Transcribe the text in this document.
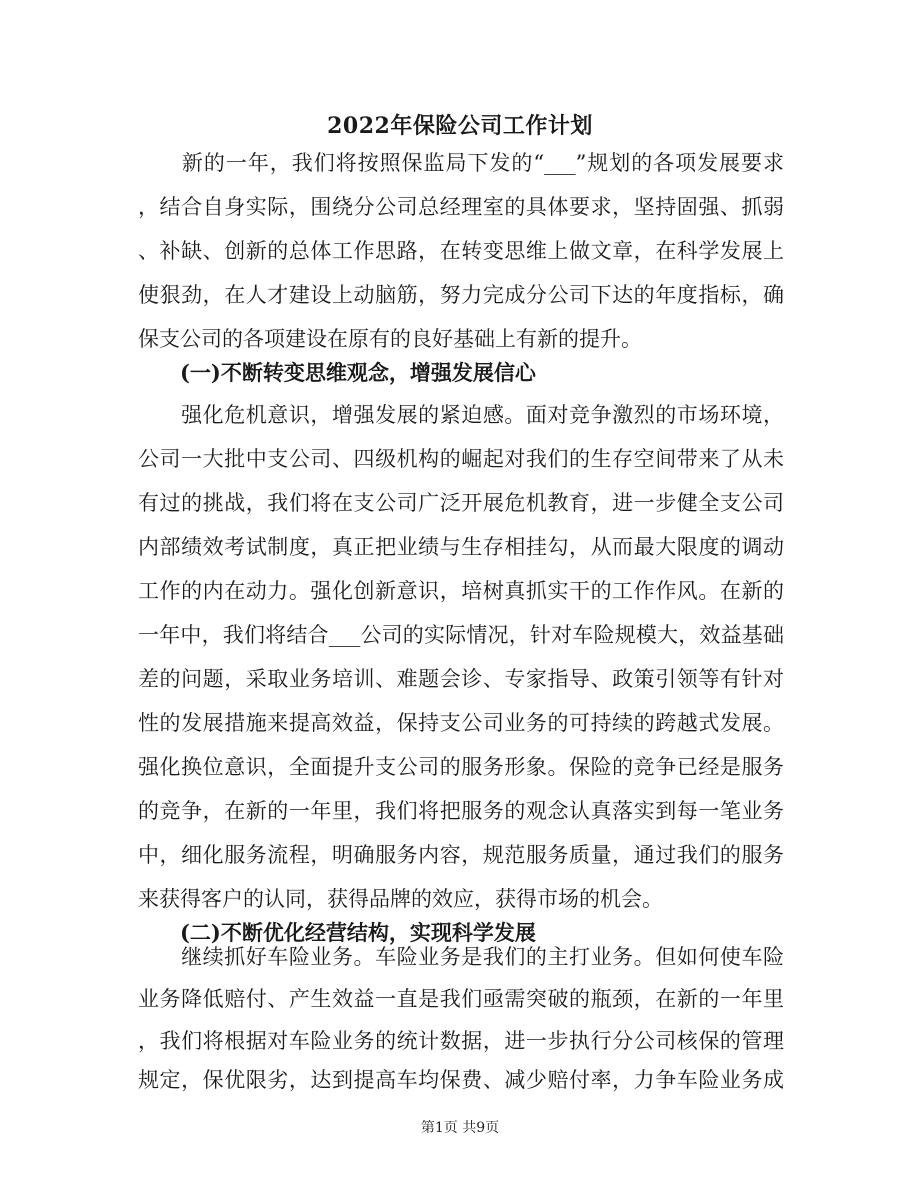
2022年保险公司工作计划
　　新的一年，我们将按照保监局下发的“___”规划的各项发展要求
，结合自身实际，围绕分公司总经理室的具体要求，坚持固强、抓弱
、补缺、创新的总体工作思路，在转变思维上做文章，在科学发展上
使狠劲，在人才建设上动脑筋，努力完成分公司下达的年度指标，确
保支公司的各项建设在原有的良好基础上有新的提升。
　　(一)不断转变思维观念，增强发展信心
　　强化危机意识，增强发展的紧迫感。面对竞争激烈的市场环境，
公司一大批中支公司、四级机构的崛起对我们的生存空间带来了从未
有过的挑战，我们将在支公司广泛开展危机教育，进一步健全支公司
内部绩效考试制度，真正把业绩与生存相挂勾，从而最大限度的调动
工作的内在动力。强化创新意识，培树真抓实干的工作作风。在新的
一年中，我们将结合___公司的实际情况，针对车险规模大，效益基础
差的问题，采取业务培训、难题会诊、专家指导、政策引领等有针对
性的发展措施来提高效益，保持支公司业务的可持续的跨越式发展。
强化换位意识，全面提升支公司的服务形象。保险的竞争已经是服务
的竞争，在新的一年里，我们将把服务的观念认真落实到每一笔业务
中，细化服务流程，明确服务内容，规范服务质量，通过我们的服务
来获得客户的认同，获得品牌的效应，获得市场的机会。
　　(二)不断优化经营结构，实现科学发展
　　继续抓好车险业务。车险业务是我们的主打业务。但如何使车险
业务降低赔付、产生效益一直是我们亟需突破的瓶颈，在新的一年里
，我们将根据对车险业务的统计数据，进一步执行分公司核保的管理
规定，保优限劣，达到提高车均保费、减少赔付率，力争车险业务成
第1页 共9页
